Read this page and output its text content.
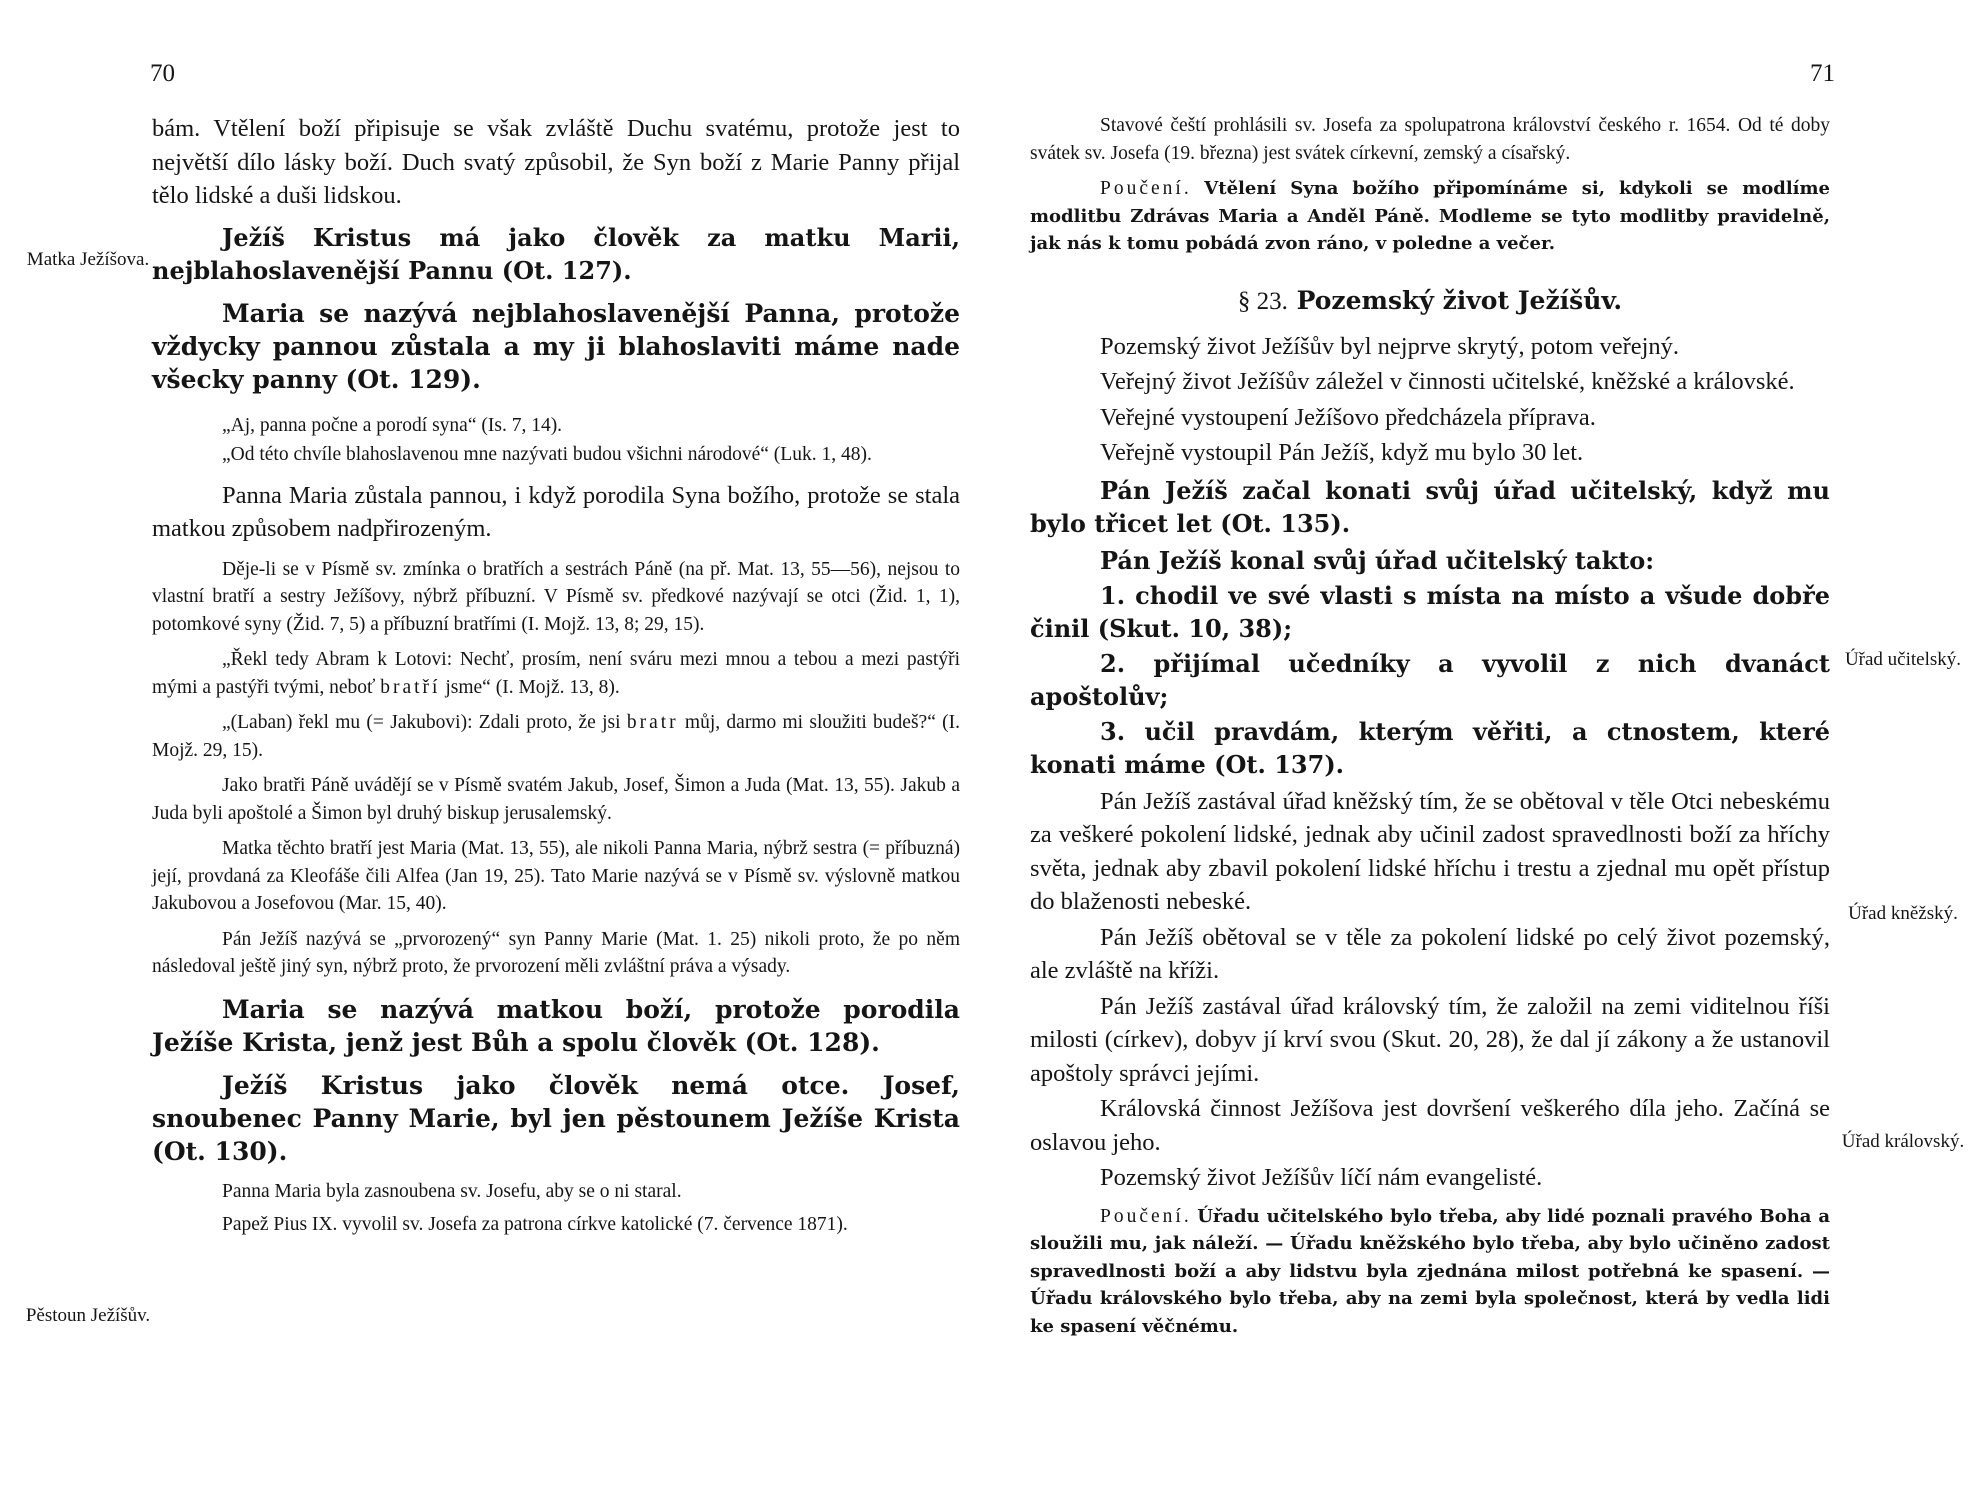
70
Matka Ježíšova.
Pěstoun Ježíšův.

bám. Vtělení boží připisuje se však zvláště Duchu svatému, protože jest to největší dílo lásky boží. Duch svatý způsobil, že Syn boží z Marie Panny přijal tělo lidské a duši lidskou.

Ježíš Kristus má jako člověk za matku Marii, nejblahoslavenější Pannu (Ot. 127).

Maria se nazývá nejblahoslavenější Panna, protože vždycky pannou zůstala a my ji blahoslaviti máme nade všecky panny (Ot. 129).

„Aj, panna počne a porodí syna“ (Is. 7, 14).

„Od této chvíle blahoslavenou mne nazývati budou všichni národové“ (Luk. 1, 48).

Panna Maria zůstala pannou, i když porodila Syna božího, protože se stala matkou způsobem nadpřirozeným.

Děje-li se v Písmě sv. zmínka o bratřích a sestrách Páně (na př. Mat. 13, 55—56), nejsou to vlastní bratří a sestry Ježíšovy, nýbrž příbuzní. V Písmě sv. předkové nazývají se otci (Žid. 1, 1), potomkové syny (Žid. 7, 5) a příbuzní bratřími (I. Mojž. 13, 8; 29, 15).

„Řekl tedy Abram k Lotovi: Nechť, prosím, není sváru mezi mnou a tebou a mezi pastýři mými a pastýři tvými, neboť bratří jsme“ (I. Mojž. 13, 8).

„(Laban) řekl mu (= Jakubovi): Zdali proto, že jsi bratr můj, darmo mi sloužiti budeš?“ (I. Mojž. 29, 15).

Jako bratři Páně uvádějí se v Písmě svatém Jakub, Josef, Šimon a Juda (Mat. 13, 55). Jakub a Juda byli apoštolé a Šimon byl druhý biskup jerusalemský.

Matka těchto bratří jest Maria (Mat. 13, 55), ale nikoli Panna Maria, nýbrž sestra (= příbuzná) její, provdaná za Kleofáše čili Alfea (Jan 19, 25). Tato Marie nazývá se v Písmě sv. výslovně matkou Jakubovou a Josefovou (Mar. 15, 40).

Pán Ježíš nazývá se „prvorozený“ syn Panny Marie (Mat. 1. 25) nikoli proto, že po něm následoval ještě jiný syn, nýbrž proto, že prvorození měli zvláštní práva a výsady.

Maria se nazývá matkou boží, protože porodila Ježíše Krista, jenž jest Bůh a spolu člověk (Ot. 128).

Ježíš Kristus jako člověk nemá otce. Josef, snoubenec Panny Marie, byl jen pěstounem Ježíše Krista (Ot. 130).

Panna Maria byla zasnoubena sv. Josefu, aby se o ni staral.

Papež Pius IX. vyvolil sv. Josefa za patrona církve katolické (7. července 1871).

71
Úřad učitelský.
Úřad kněžský.
Úřad královský.

Stavové čeští prohlásili sv. Josefa za spolupatrona království českého r. 1654. Od té doby svátek sv. Josefa (19. března) jest svátek církevní, zemský a císařský.

Poučení. Vtělení Syna božího připomínáme si, kdykoli se modlíme modlitbu Zdrávas Maria a Anděl Páně. Modleme se tyto modlitby pravidelně, jak nás k tomu pobádá zvon ráno, v poledne a večer.

§ 23. Pozemský život Ježíšův.

Pozemský život Ježíšův byl nejprve skrytý, potom veřejný.

Veřejný život Ježíšův záležel v činnosti učitelské, kněžské a královské.

Veřejné vystoupení Ježíšovo předcházela příprava.

Veřejně vystoupil Pán Ježíš, když mu bylo 30 let.

Pán Ježíš začal konati svůj úřad učitelský, když mu bylo třicet let (Ot. 135).

Pán Ježíš konal svůj úřad učitelský takto:

1. chodil ve své vlasti s místa na místo a všude dobře činil (Skut. 10, 38);

2. přijímal učedníky a vyvolil z nich dvanáct apoštolův;

3. učil pravdám, kterým věřiti, a ctnostem, které konati máme (Ot. 137).

Pán Ježíš zastával úřad kněžský tím, že se obětoval v těle Otci nebeskému za veškeré pokolení lidské, jednak aby učinil zadost spravedlnosti boží za hříchy světa, jednak aby zbavil pokolení lidské hříchu i trestu a zjednal mu opět přístup do blaženosti nebeské.

Pán Ježíš obětoval se v těle za pokolení lidské po celý život pozemský, ale zvláště na kříži.

Pán Ježíš zastával úřad královský tím, že založil na zemi viditelnou říši milosti (církev), dobyv jí krví svou (Skut. 20, 28), že dal jí zákony a že ustanovil apoštoly správci jejími.

Královská činnost Ježíšova jest dovršení veškerého díla jeho. Začíná se oslavou jeho.

Pozemský život Ježíšův líčí nám evangelisté.

Poučení. Úřadu učitelského bylo třeba, aby lidé poznali pravého Boha a sloužili mu, jak náleží. — Úřadu kněžského bylo třeba, aby bylo učiněno zadost spravedlnosti boží a aby lidstvu byla zjednána milost potřebná ke spasení. — Úřadu královského bylo třeba, aby na zemi byla společnost, která by vedla lidi ke spasení věčnému.
